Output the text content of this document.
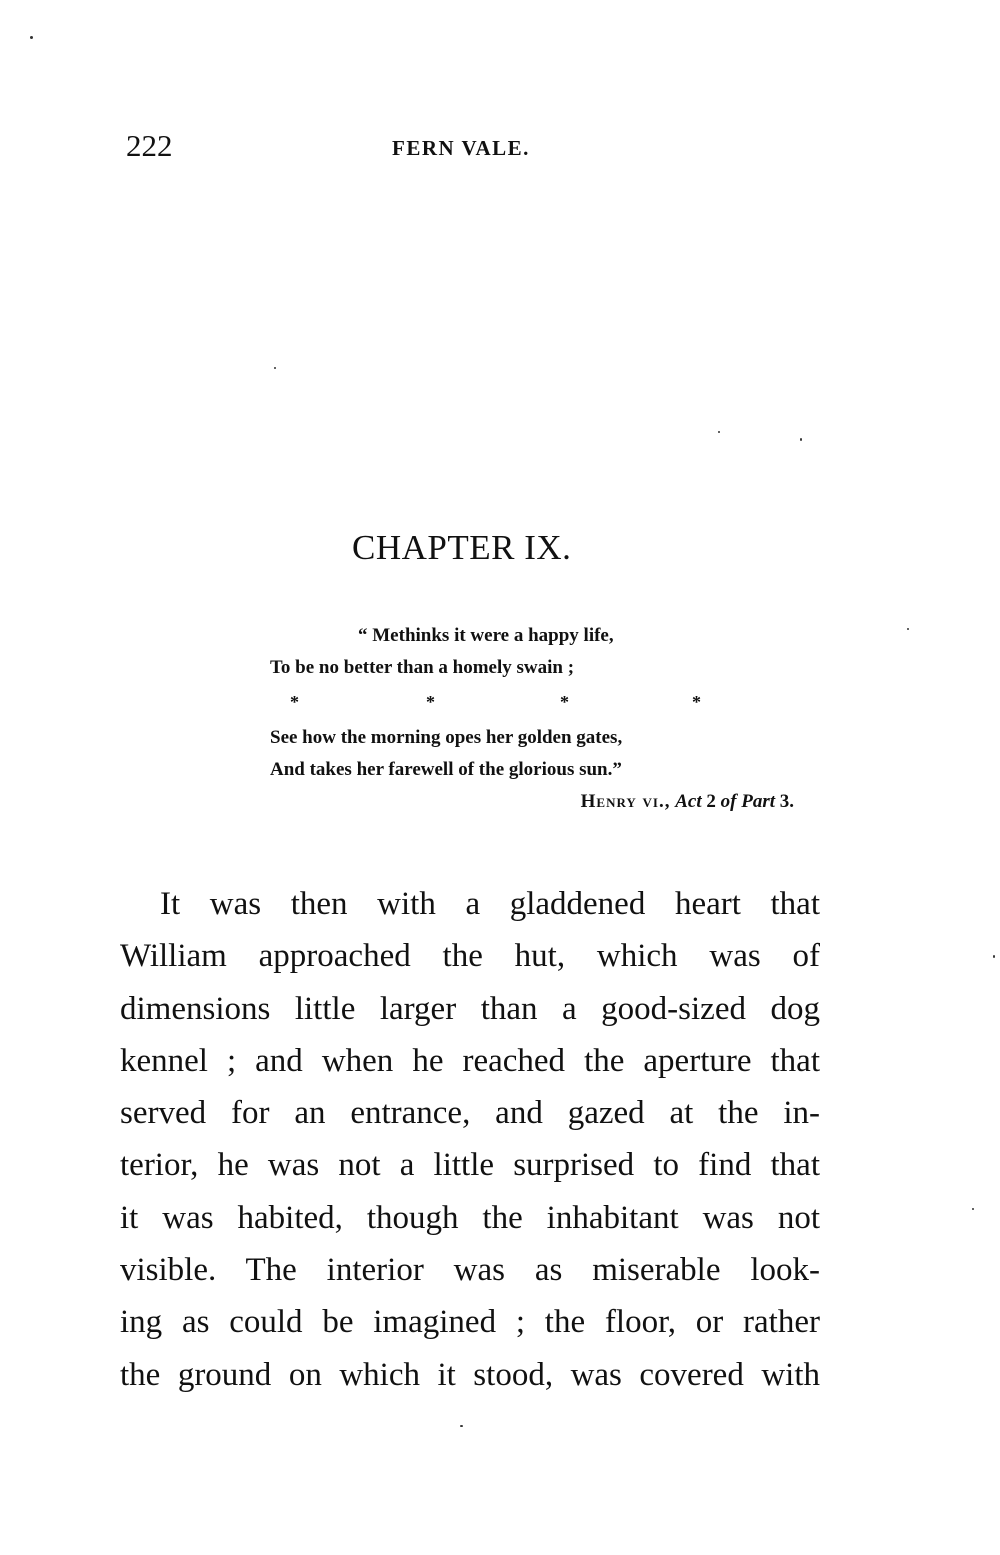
222	FERN VALE.
CHAPTER IX.
“ Methinks it were a happy life,
To be no better than a homely swain ;
*	*	*	*
See how the morning opes her golden gates,
And takes her farewell of the glorious sun.”
Henry vi., Act 2 of Part 3.
It was then with a gladdened heart that
William approached the hut, which was of
dimensions little larger than a good-sized dog
kennel ; and when he reached the aperture that
served for an entrance, and gazed at the in-
terior, he was not a little surprised to find that
it was habited, though the inhabitant was not
visible. The interior was as miserable look-
ing as could be imagined ; the floor, or rather
the ground on which it stood, was covered with
